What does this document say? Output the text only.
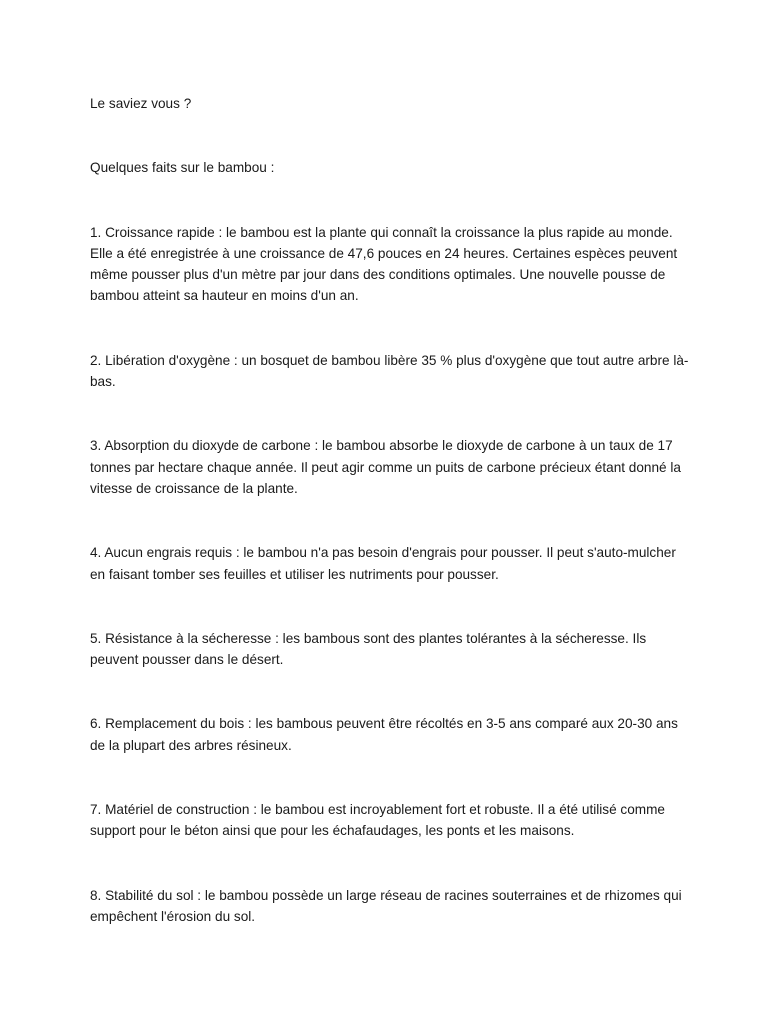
Le saviez vous ?

Quelques faits sur le bambou :

1. Croissance rapide : le bambou est la plante qui connaît la croissance la plus rapide au monde. Elle a été enregistrée à une croissance de 47,6 pouces en 24 heures. Certaines espèces peuvent même pousser plus d'un mètre par jour dans des conditions optimales. Une nouvelle pousse de bambou atteint sa hauteur en moins d'un an.

2. Libération d'oxygène : un bosquet de bambou libère 35 % plus d'oxygène que tout autre arbre là-bas.

3. Absorption du dioxyde de carbone : le bambou absorbe le dioxyde de carbone à un taux de 17 tonnes par hectare chaque année. Il peut agir comme un puits de carbone précieux étant donné la vitesse de croissance de la plante.

4. Aucun engrais requis : le bambou n'a pas besoin d'engrais pour pousser. Il peut s'auto-mulcher en faisant tomber ses feuilles et utiliser les nutriments pour pousser.

5. Résistance à la sécheresse : les bambous sont des plantes tolérantes à la sécheresse. Ils peuvent pousser dans le désert.

6. Remplacement du bois : les bambous peuvent être récoltés en 3-5 ans comparé aux 20-30 ans de la plupart des arbres résineux.

7. Matériel de construction : le bambou est incroyablement fort et robuste. Il a été utilisé comme support pour le béton ainsi que pour les échafaudages, les ponts et les maisons.

8. Stabilité du sol : le bambou possède un large réseau de racines souterraines et de rhizomes qui empêchent l'érosion du sol.
